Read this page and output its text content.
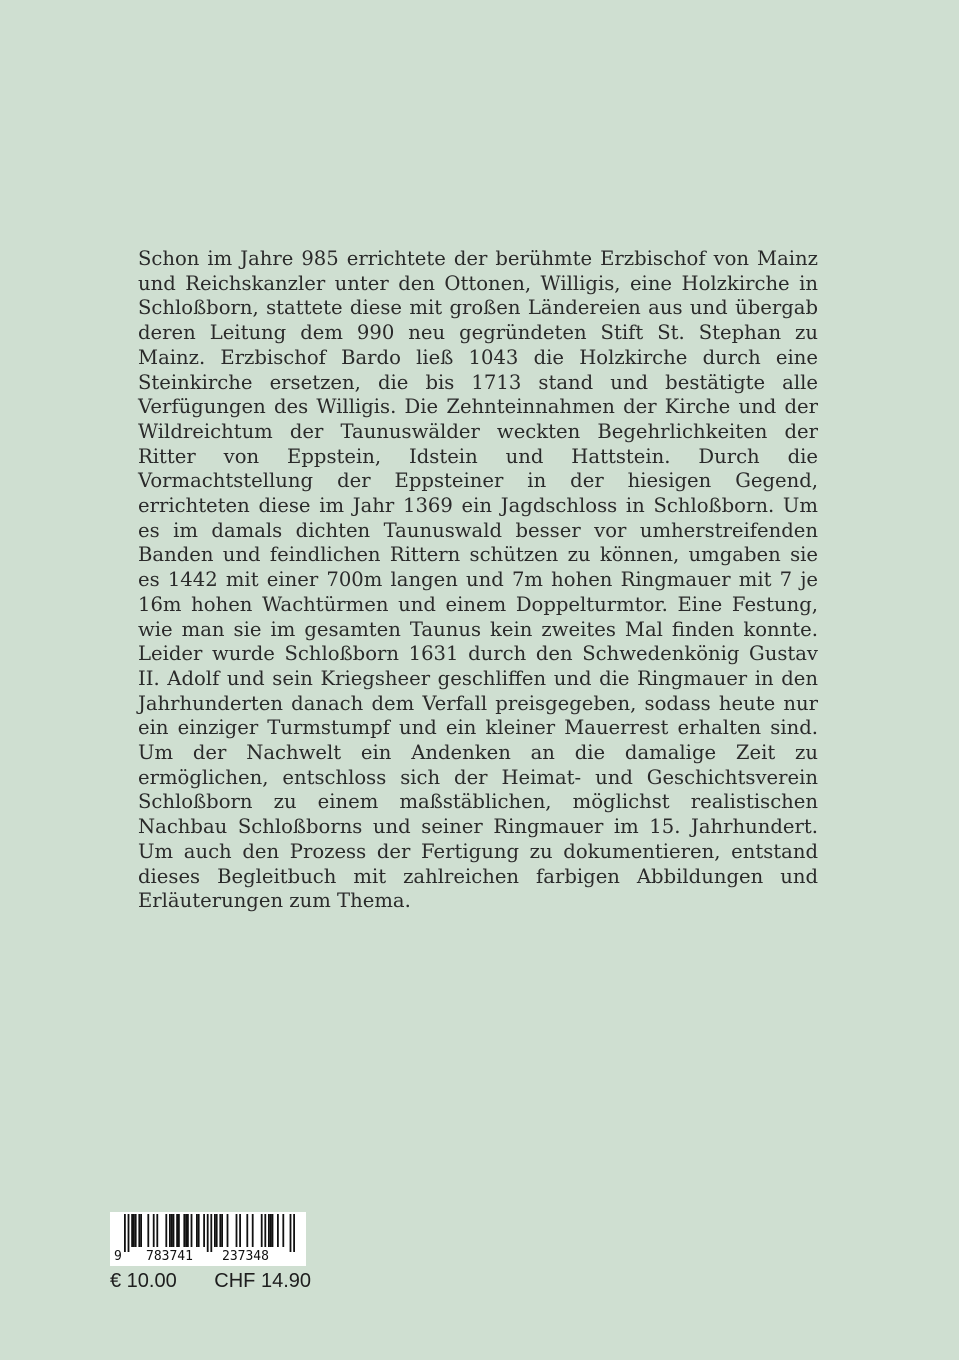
Schon im Jahre 985 errichtete der berühmte Erzbischof von Mainz und Reichskanzler unter den Ottonen, Willigis, eine Holzkirche in Schloßborn, stattete diese mit großen Ländereien aus und übergab deren Leitung dem 990 neu gegründeten Stift St. Stephan zu Mainz. Erzbischof Bardo ließ 1043 die Holzkirche durch eine Steinkirche ersetzen, die bis 1713 stand und bestätigte alle Verfügungen des Willigis. Die Zehnteinnahmen der Kirche und der Wildreichtum der Taunuswälder weckten Begehrlichkeiten der Ritter von Eppstein, Idstein und Hattstein. Durch die Vormachtstellung der Eppsteiner in der hiesigen Gegend, errichteten diese im Jahr 1369 ein Jagdschloss in Schloßborn. Um es im damals dichten Taunuswald besser vor umherstreifenden Banden und feindlichen Rittern schützen zu können, umgaben sie es 1442 mit einer 700m langen und 7m hohen Ringmauer mit 7 je 16m hohen Wachtürmen und einem Doppelturmtor. Eine Festung, wie man sie im gesamten Taunus kein zweites Mal finden konnte. Leider wurde Schloßborn 1631 durch den Schwedenkönig Gustav II. Adolf und sein Kriegsheer geschliffen und die Ringmauer in den Jahrhunderten danach dem Verfall preisgegeben, sodass heute nur ein einziger Turmstumpf und ein kleiner Mauerrest erhalten sind. Um der Nachwelt ein Andenken an die damalige Zeit zu ermöglichen, entschloss sich der Heimat- und Geschichtsverein Schloßborn zu einem maßstäblichen, möglichst realistischen Nachbau Schloßborns und seiner Ringmauer im 15. Jahrhundert. Um auch den Prozess der Fertigung zu dokumentieren, entstand dieses Begleitbuch mit zahlreichen farbigen Abbildungen und Erläuterungen zum Thema.

9 783741 237348
€ 10.00 CHF 14.90
